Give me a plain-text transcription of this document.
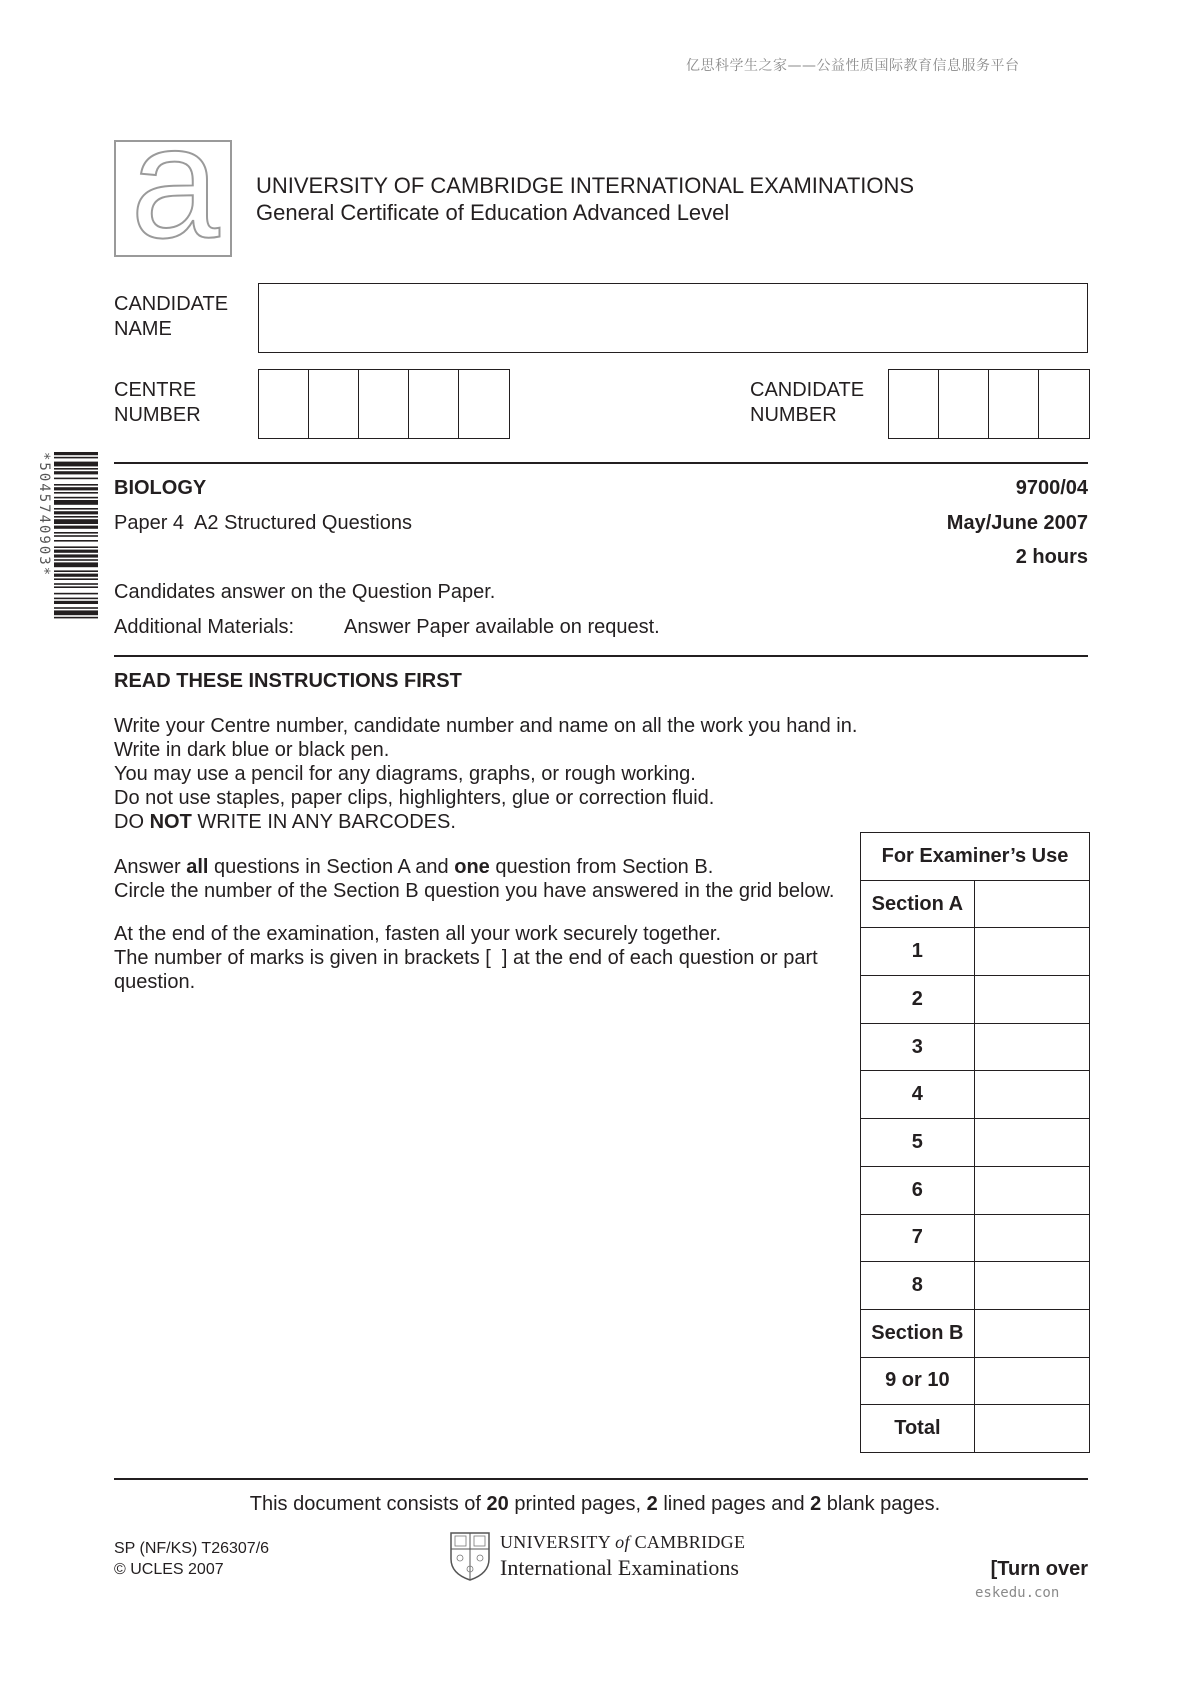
亿思科学生之家——公益性质国际教育信息服务平台
eskedu.con
a	UNIVERSITY OF CAMBRIDGE INTERNATIONAL EXAMINATIONS
General Certificate of Education Advanced Level
CANDIDATE
NAME
CENTRE
NUMBER
CANDIDATE
NUMBER
*5045740903*	BIOLOGY	9700/04
Paper 4  A2 Structured Questions	May/June 2007
2 hours
Candidates answer on the Question Paper.
Additional Materials: Answer Paper available on request.
READ THESE INSTRUCTIONS FIRST
Write your Centre number, candidate number and name on all the work you hand in.
Write in dark blue or black pen.
You may use a pencil for any diagrams, graphs, or rough working.
Do not use staples, paper clips, highlighters, glue or correction fluid.
DO NOT WRITE IN ANY BARCODES.
Answer all questions in Section A and one question from Section B.
Circle the number of the Section B question you have answered in the grid below.
At the end of the examination, fasten all your work securely together.
The number of marks is given in brackets [  ] at the end of each question or part
question.
For Examiner’s Use	
Section A	
1	
2	
3	
4	
5	
6	
7	
8	
Section B	
9 or 10	
Total	
This document consists of 20 printed pages, 2 lined pages and 2 blank pages.
SP (NF/KS) T26307/6
© UCLES 2007
UNIVERSITY of CAMBRIDGE
International Examinations	[Turn over
